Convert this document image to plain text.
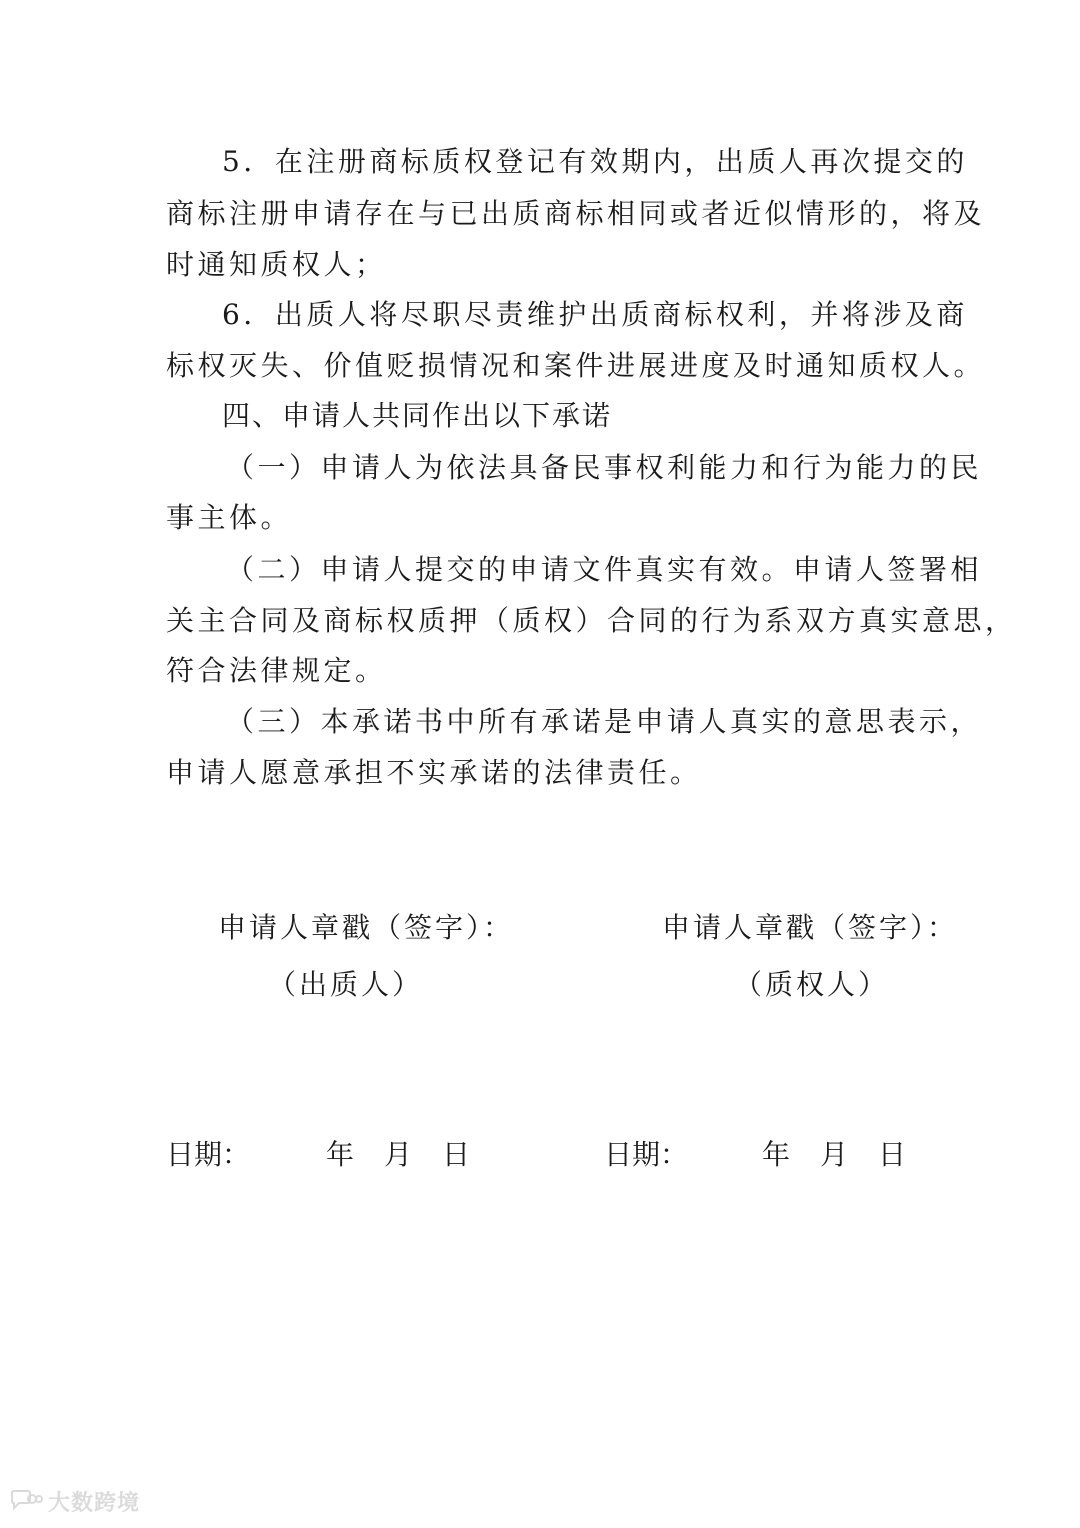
5．在注册商标质权登记有效期内，出质人再次提交的
商标注册申请存在与已出质商标相同或者近似情形的，将及
时通知质权人；
6．出质人将尽职尽责维护出质商标权利，并将涉及商
标权灭失、价值贬损情况和案件进展进度及时通知质权人。
四、申请人共同作出以下承诺
（一）申请人为依法具备民事权利能力和行为能力的民
事主体。
（二）申请人提交的申请文件真实有效。申请人签署相
关主合同及商标权质押（质权）合同的行为系双方真实意思，
符合法律规定。
（三）本承诺书中所有承诺是申请人真实的意思表示，
申请人愿意承担不实承诺的法律责任。
申请人章戳（签字）：
（出质人）
申请人章戳（签字）：
（质权人）
日期：	年 月 日	日期：	年 月 日
大数跨境
